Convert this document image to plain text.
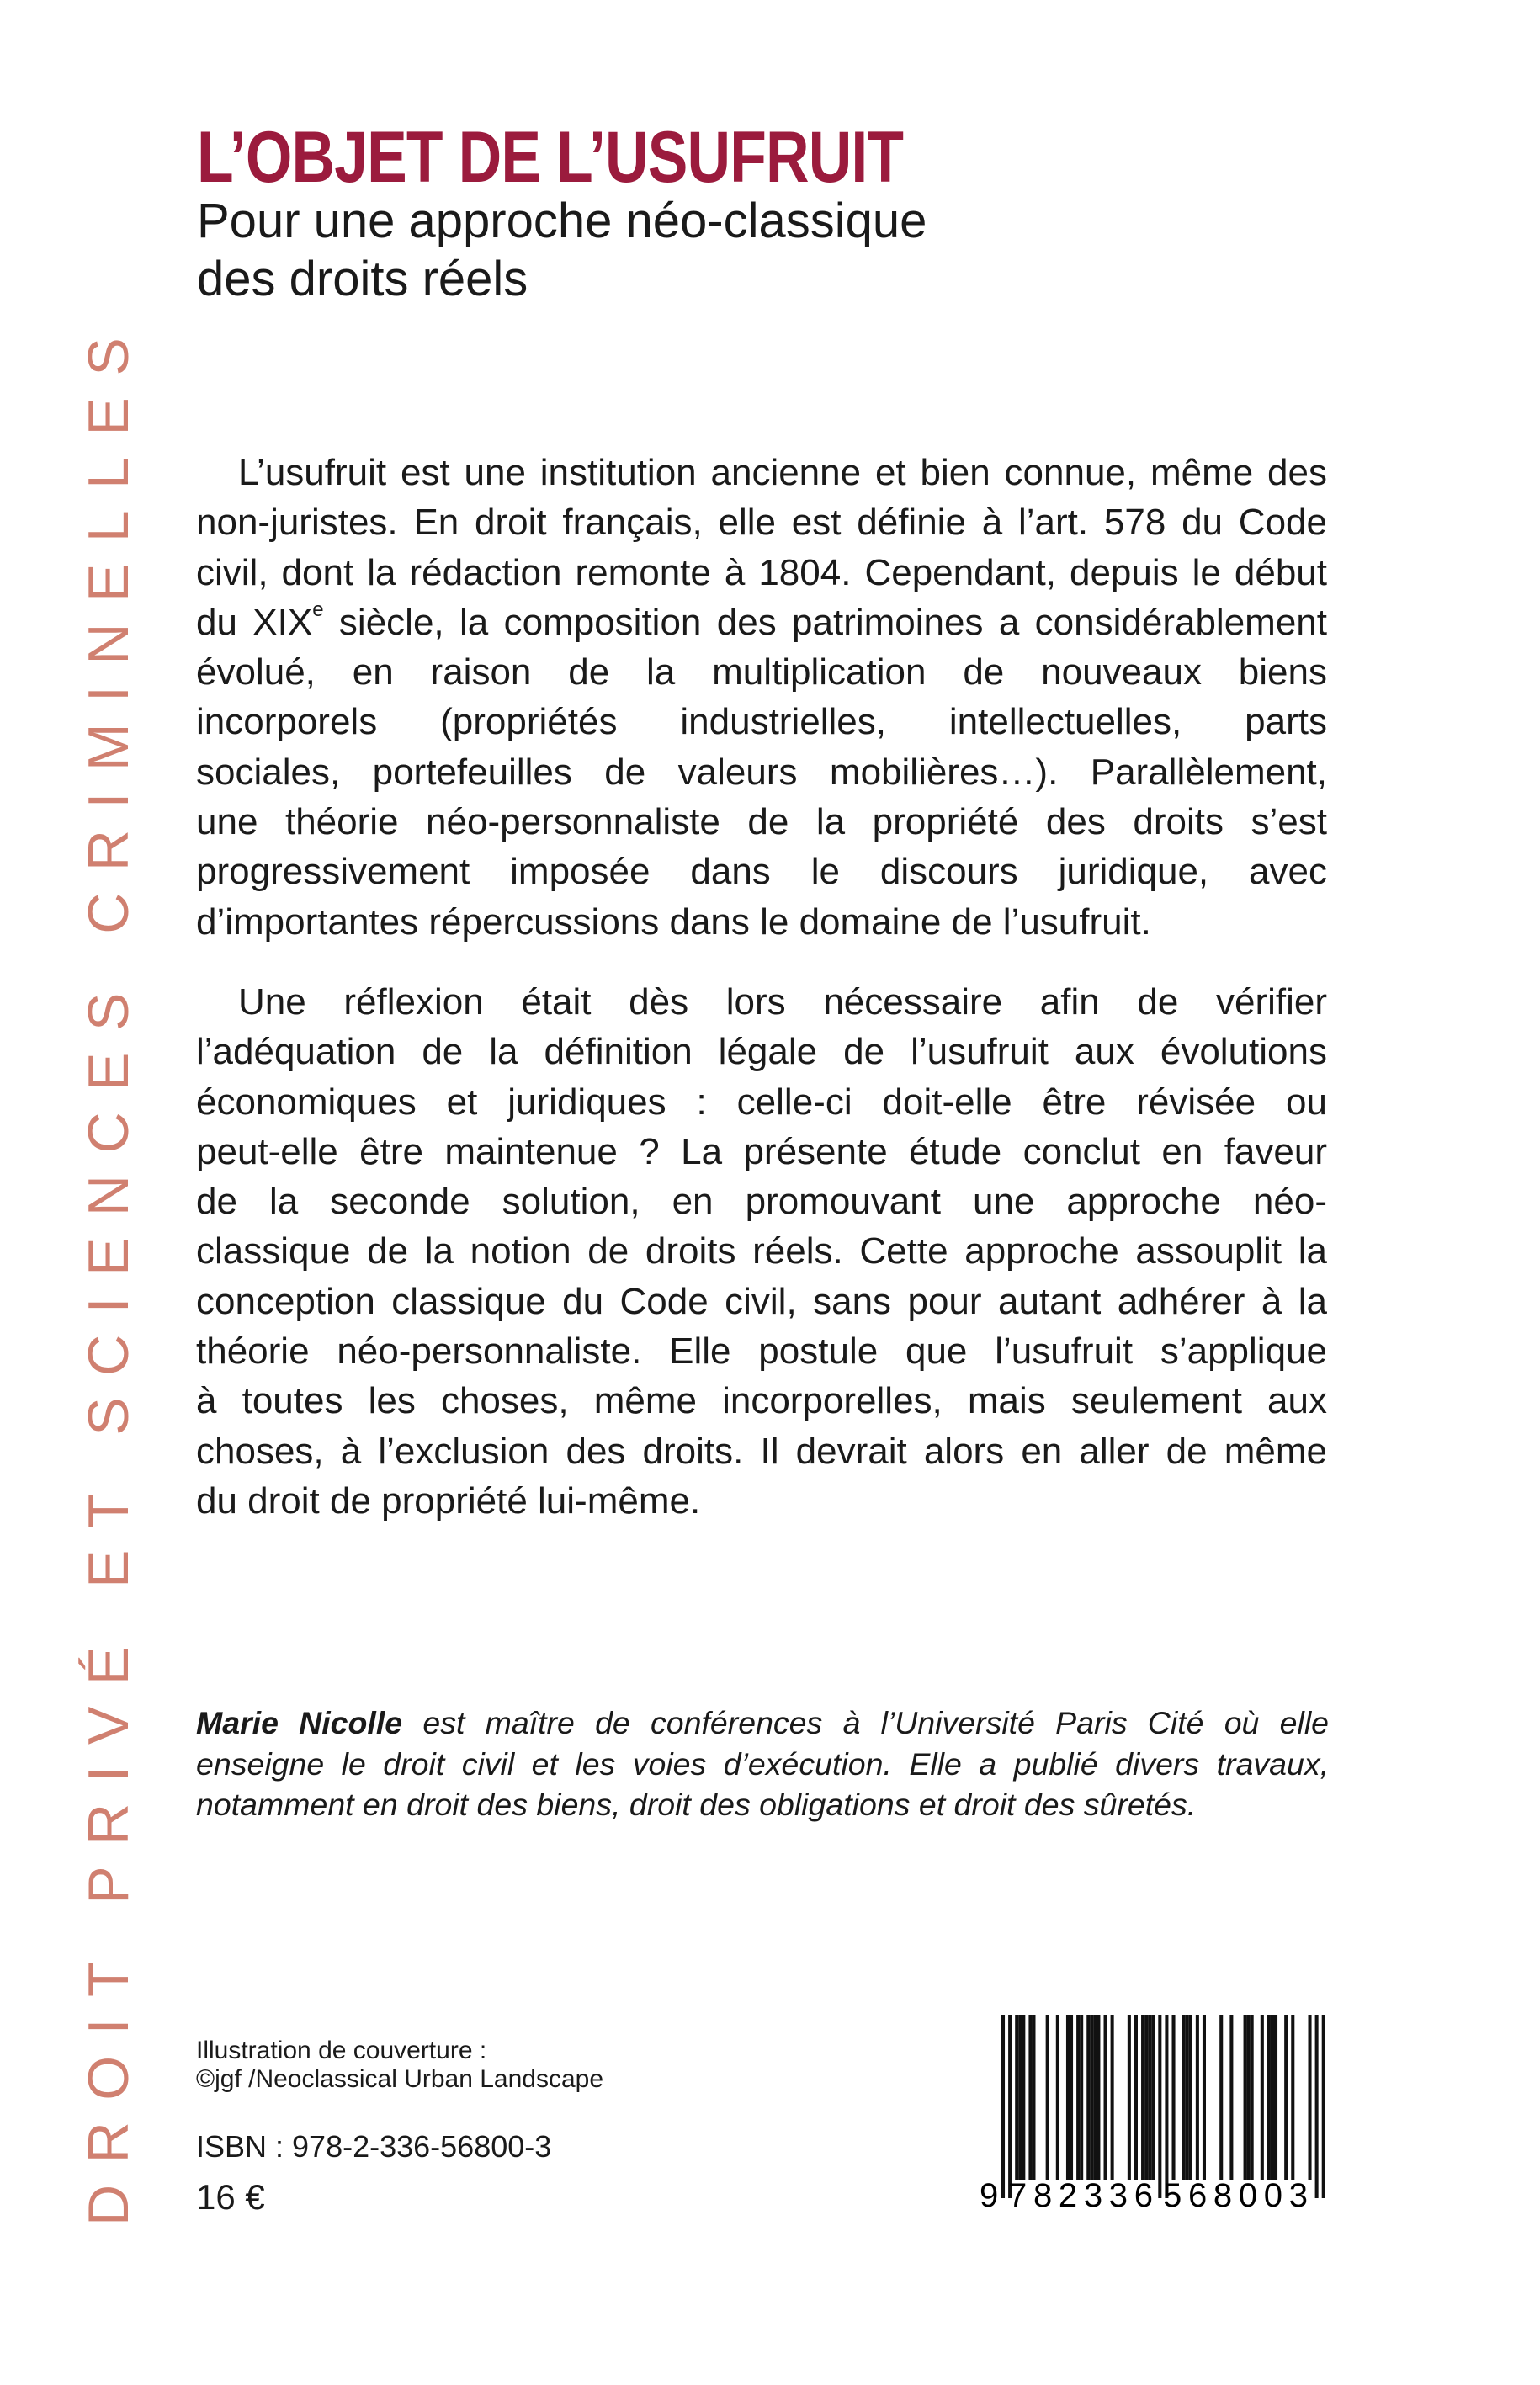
DROIT PRIVÉ ET SCIENCES CRIMINELLES
L’OBJET DE L’USUFRUIT
Pour une approche néo-classique
des droits réels
L’usufruit est une institution ancienne et bien connue, même des
non-juristes. En droit français, elle est définie à l’art. 578 du Code
civil, dont la rédaction remonte à 1804. Cependant, depuis le début
du XIXe siècle, la composition des patrimoines a considérablement
évolué, en raison de la multiplication de nouveaux biens
incorporels (propriétés industrielles, intellectuelles, parts
sociales, portefeuilles de valeurs mobilières…). Parallèlement,
une théorie néo-personnaliste de la propriété des droits s’est
progressivement imposée dans le discours juridique, avec
d’importantes répercussions dans le domaine de l’usufruit.
Une réflexion était dès lors nécessaire afin de vérifier
l’adéquation de la définition légale de l’usufruit aux évolutions
économiques et juridiques : celle-ci doit-elle être révisée ou
peut-elle être maintenue ? La présente étude conclut en faveur
de la seconde solution, en promouvant une approche néo-
classique de la notion de droits réels. Cette approche assouplit la
conception classique du Code civil, sans pour autant adhérer à la
théorie néo-personnaliste. Elle postule que l’usufruit s’applique
à toutes les choses, même incorporelles, mais seulement aux
choses, à l’exclusion des droits. Il devrait alors en aller de même
du droit de propriété lui-même.
Marie Nicolle est maître de conférences à l’Université Paris Cité où elle
enseigne le droit civil et les voies d’exécution. Elle a publié divers travaux,
notamment en droit des biens, droit des obligations et droit des sûretés.
Illustration de couverture :
©jgf /Neoclassical Urban Landscape
ISBN : 978-2-336-56800-3
16 €	9 782336 568003
